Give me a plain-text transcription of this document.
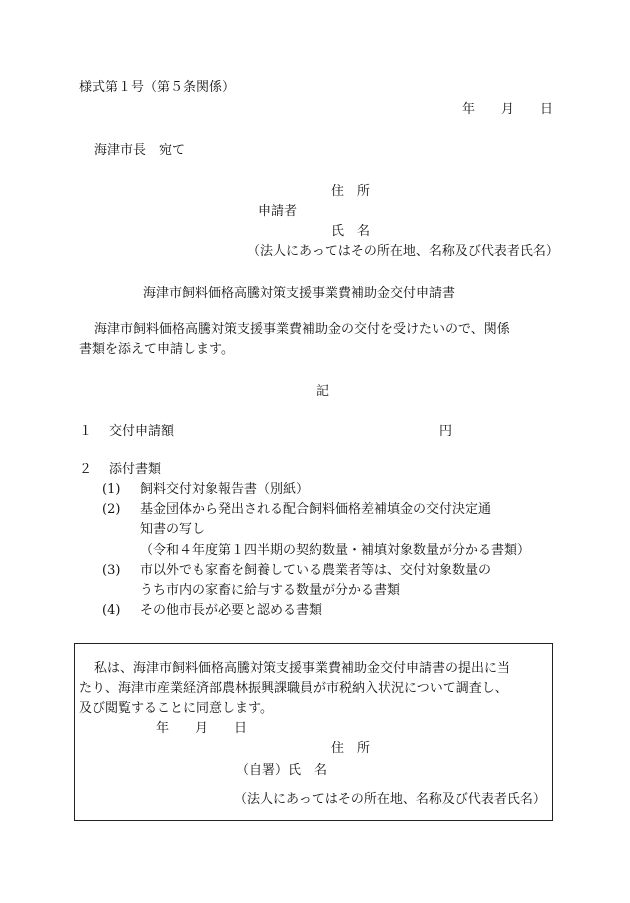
様式第１号（第５条関係）
年　　月　　日
海津市長　宛て
住　所
申請者
氏　名
（法人にあってはその所在地、名称及び代表者氏名）
海津市飼料価格高騰対策支援事業費補助金交付申請書
海津市飼料価格高騰対策支援事業費補助金の交付を受けたいので、関係
書類を添えて申請します。
記
１ 交付申請額	円
２ 添付書類
(1) 飼料交付対象報告書（別紙）
(2) 基金団体から発出される配合飼料価格差補填金の交付決定通
知書の写し
（令和４年度第１四半期の契約数量・補填対象数量が分かる書類）
(3) 市以外でも家畜を飼養している農業者等は、交付対象数量の
うち市内の家畜に給与する数量が分かる書類
(4) その他市長が必要と認める書類
私は、海津市飼料価格高騰対策支援事業費補助金交付申請書の提出に当
たり、海津市産業経済部農林振興課職員が市税納入状況について調査し、
及び閲覧することに同意します。
年　　月　　日
住　所
（自署）氏　名
（法人にあってはその所在地、名称及び代表者氏名）
